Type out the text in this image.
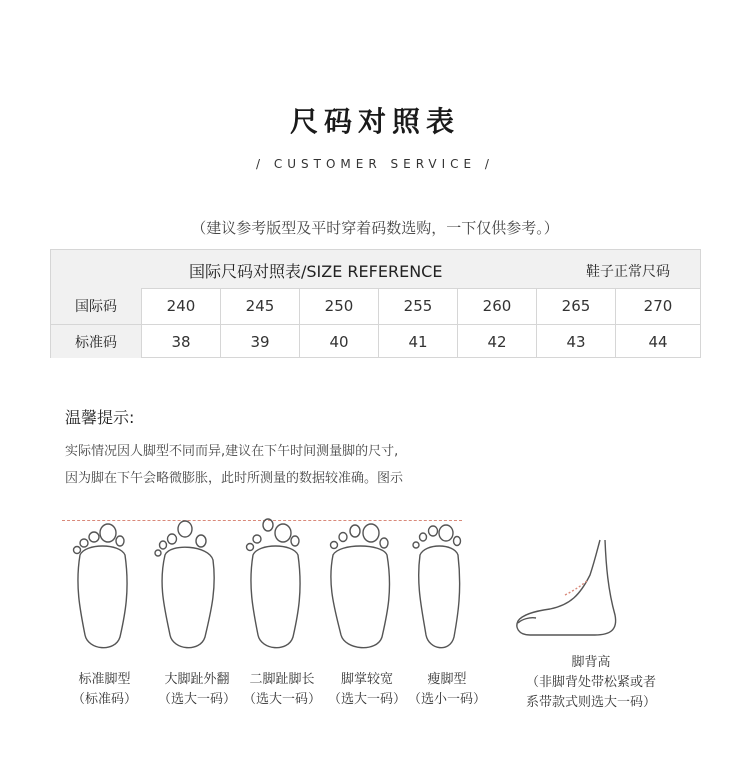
尺码对照表
/ CUSTOMER SERVICE /
（建议参考版型及平时穿着码数选购，一下仅供参考。）
国际尺码对照表/SIZE REFERENCE	鞋子正常尺码
国际码	240	245	250	255	260	265	270
标准码	38	39	40	41	42	43	44
温馨提示:
实际情况因人脚型不同而异,建议在下午时间测量脚的尺寸,
因为脚在下午会略微膨胀，此时所测量的数据较准确。图示
标准脚型
（标准码）
大脚趾外翻
（选大一码）
二脚趾脚长
（选大一码）
脚掌较宽
（选大一码）
瘦脚型
（选小一码）
脚背高
（非脚背处带松紧或者
系带款式则选大一码）
